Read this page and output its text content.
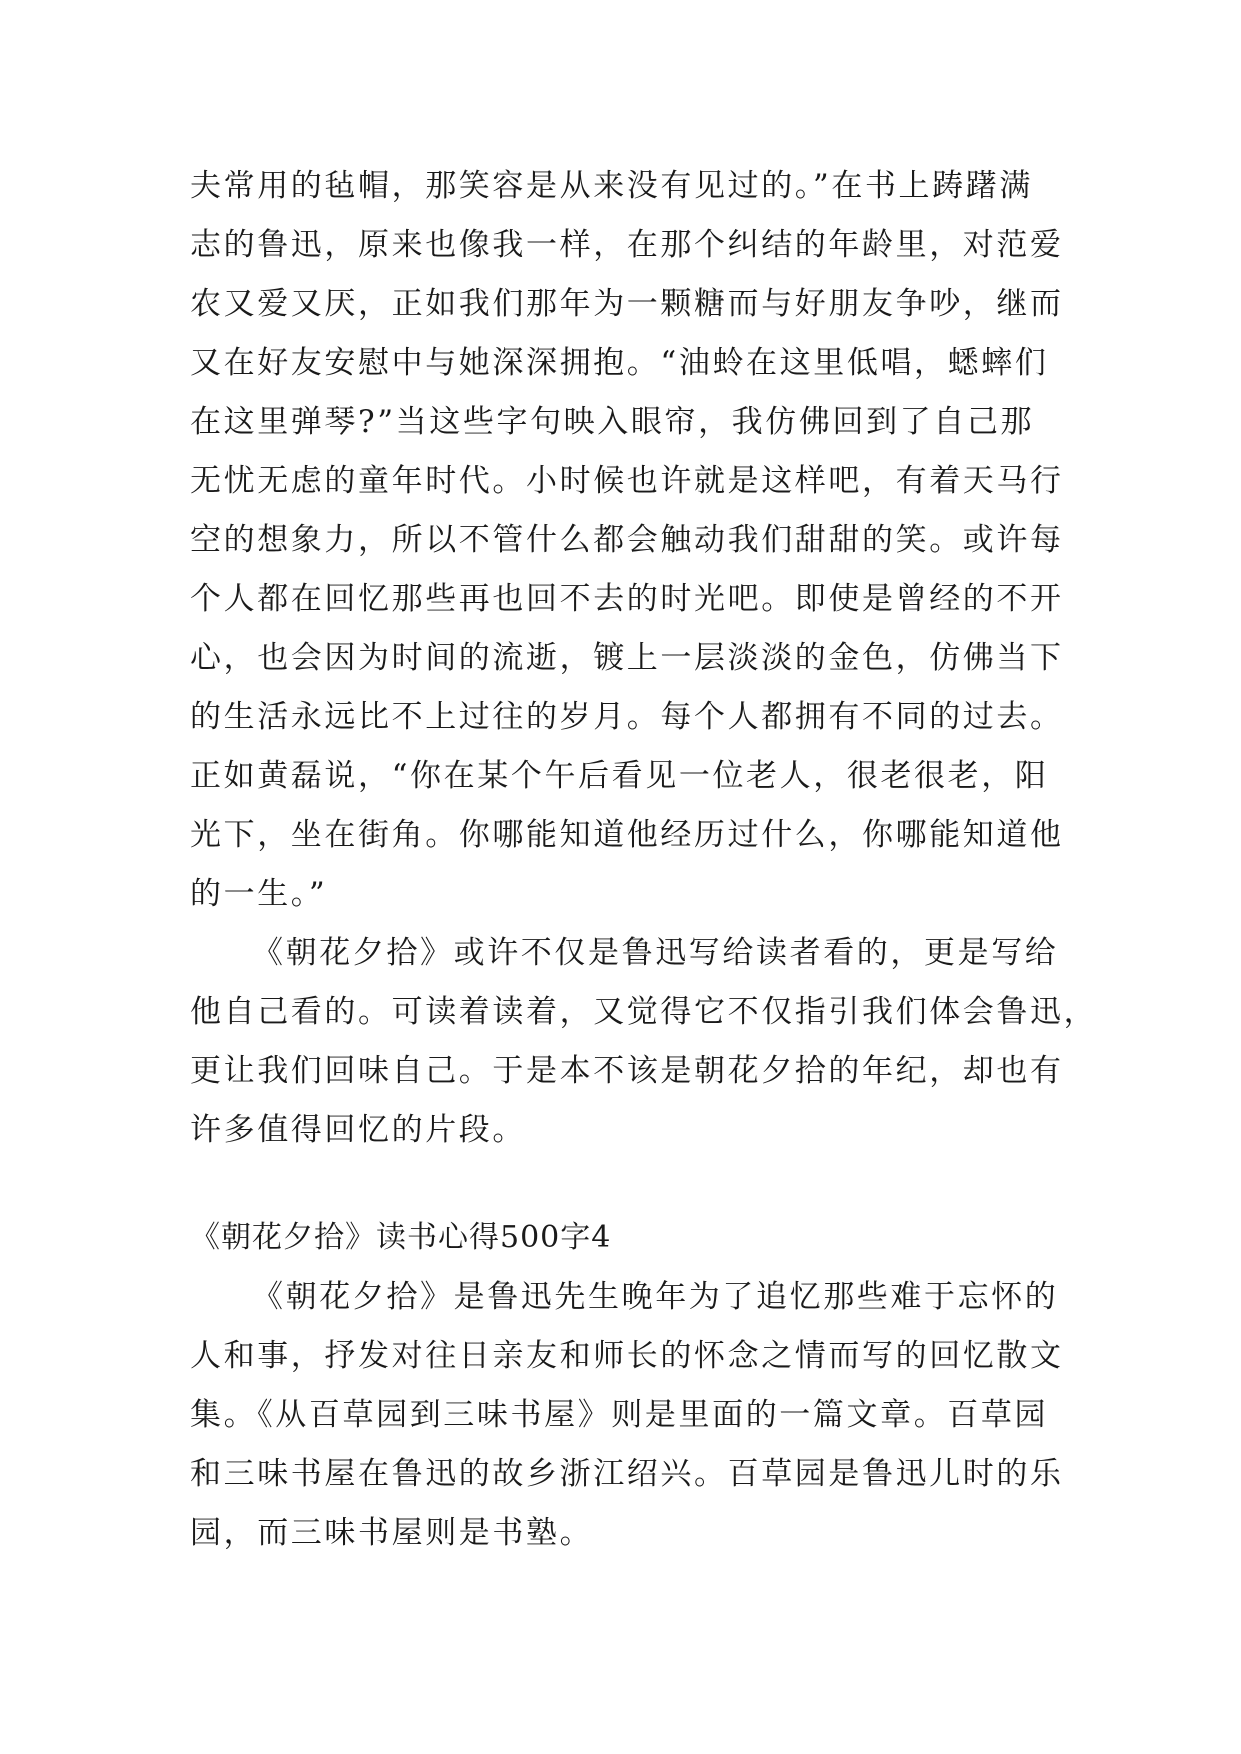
夫常用的毡帽，那笑容是从来没有见过的。”在书上踌躇满
志的鲁迅，原来也像我一样，在那个纠结的年龄里，对范爱
农又爱又厌，正如我们那年为一颗糖而与好朋友争吵，继而
又在好友安慰中与她深深拥抱。“油蛉在这里低唱，蟋蟀们
在这里弹琴?”当这些字句映入眼帘，我仿佛回到了自己那
无忧无虑的童年时代。小时候也许就是这样吧，有着天马行
空的想象力，所以不管什么都会触动我们甜甜的笑。或许每
个人都在回忆那些再也回不去的时光吧。即使是曾经的不开
心，也会因为时间的流逝，镀上一层淡淡的金色，仿佛当下
的生活永远比不上过往的岁月。每个人都拥有不同的过去。
正如黄磊说，“你在某个午后看见一位老人，很老很老，阳
光下，坐在街角。你哪能知道他经历过什么，你哪能知道他
的一生。”
《朝花夕拾》或许不仅是鲁迅写给读者看的，更是写给
他自己看的。可读着读着，又觉得它不仅指引我们体会鲁迅，
更让我们回味自己。于是本不该是朝花夕拾的年纪，却也有
许多值得回忆的片段。
《朝花夕拾》读书心得500字4
《朝花夕拾》是鲁迅先生晚年为了追忆那些难于忘怀的
人和事，抒发对往日亲友和师长的怀念之情而写的回忆散文
集。《从百草园到三味书屋》则是里面的一篇文章。百草园
和三味书屋在鲁迅的故乡浙江绍兴。百草园是鲁迅儿时的乐
园，而三味书屋则是书塾。
